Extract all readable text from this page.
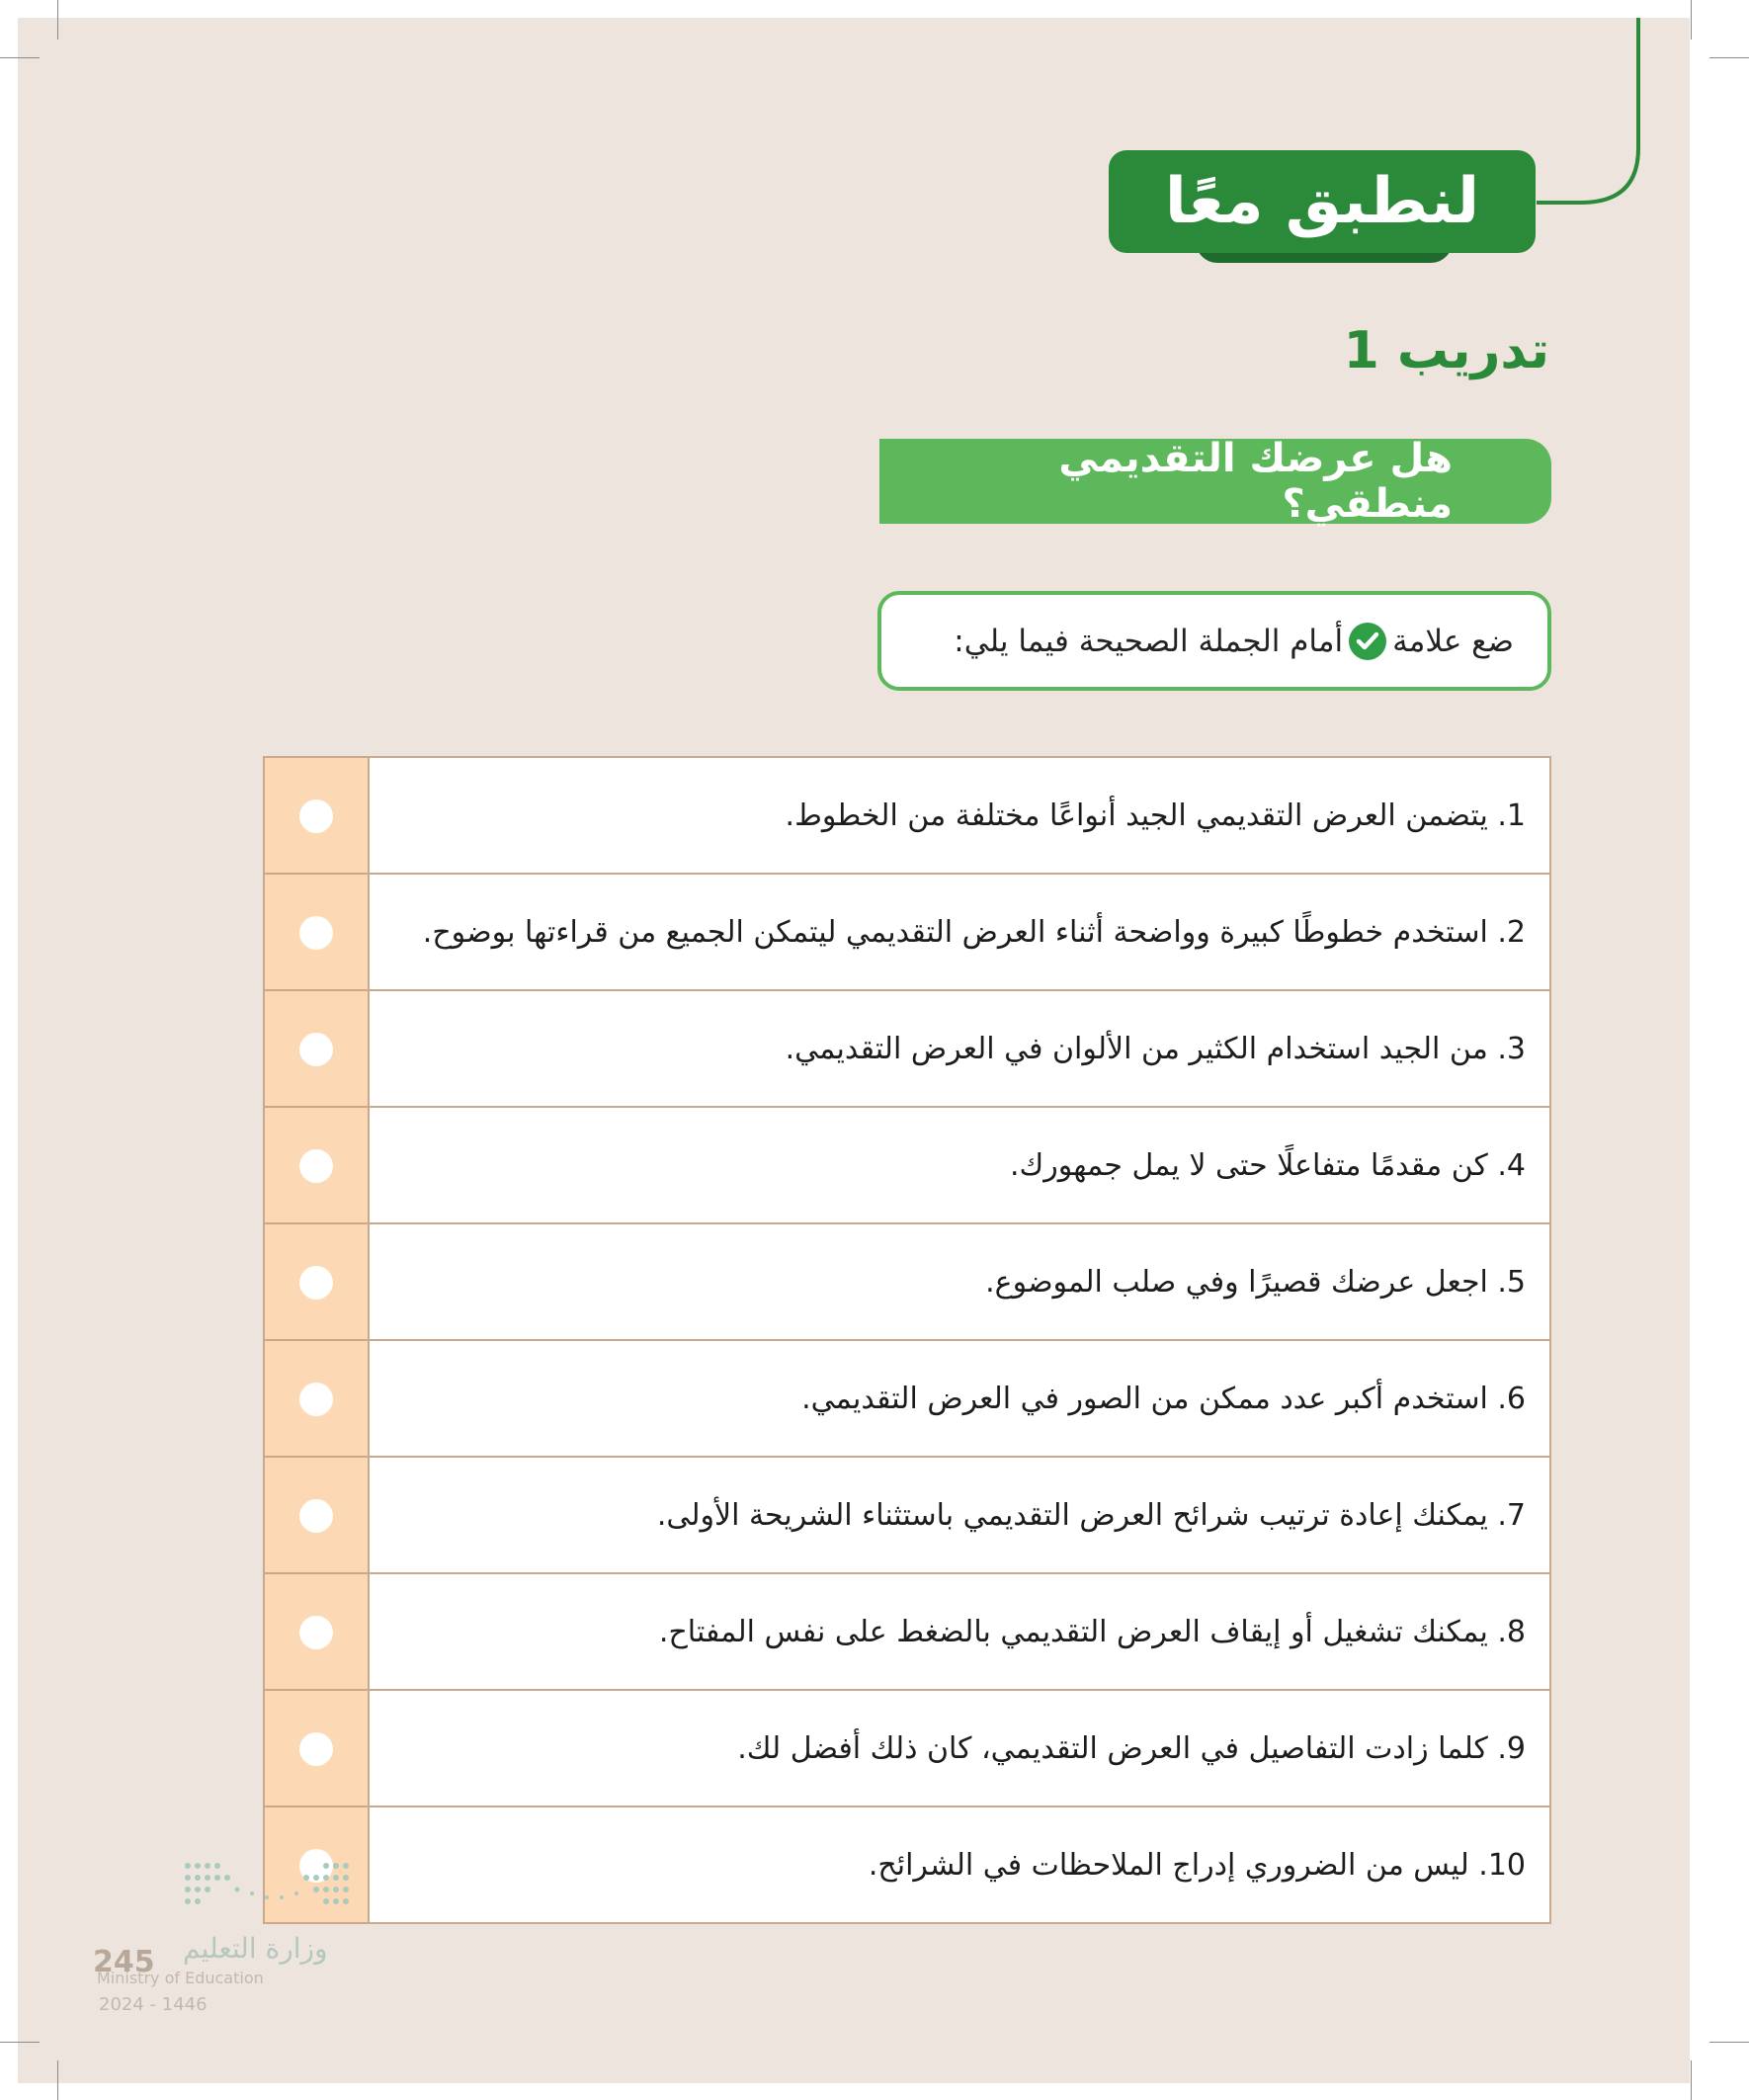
لنطبق معًا
تدريب 1
هل عرضك التقديمي منطقي؟
ضع علامة
أمام الجملة الصحيحة فيما يلي:
1. يتضمن العرض التقديمي الجيد أنواعًا مختلفة من الخطوط.
2. استخدم خطوطًا كبيرة وواضحة أثناء العرض التقديمي ليتمكن الجميع من قراءتها بوضوح.
3. من الجيد استخدام الكثير من الألوان في العرض التقديمي.
4. كن مقدمًا متفاعلًا حتى لا يمل جمهورك.
5. اجعل عرضك قصيرًا وفي صلب الموضوع.
6. استخدم أكبر عدد ممكن من الصور في العرض التقديمي.
7. يمكنك إعادة ترتيب شرائح العرض التقديمي باستثناء الشريحة الأولى.
8. يمكنك تشغيل أو إيقاف العرض التقديمي بالضغط على نفس المفتاح.
9. كلما زادت التفاصيل في العرض التقديمي، كان ذلك أفضل لك.
10. ليس من الضروري إدراج الملاحظات في الشرائح.
وزارة التعليم
245
Ministry of Education
2024 - 1446
